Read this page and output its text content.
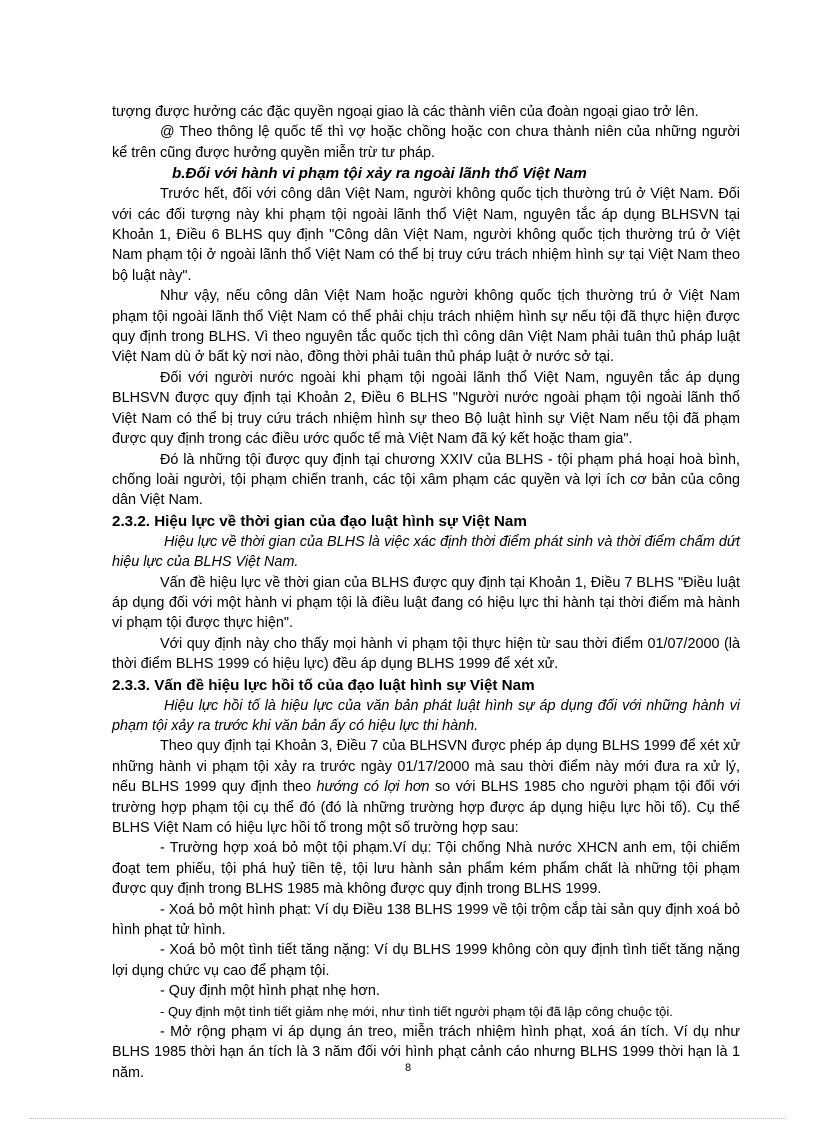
tượng được hưởng các đặc quyền ngoại giao là các thành viên của đoàn ngoại giao trở lên.

@ Theo thông lệ quốc tế thì vợ hoặc chồng hoặc con chưa thành niên của những người kể trên cũng được hưởng quyền miễn trừ tư pháp.

b.Đối với hành vi phạm tội xảy ra ngoài lãnh thổ Việt Nam

Trước hết, đối với công dân Việt Nam, người không quốc tịch thường trú ở Việt Nam. Đối với các đối tượng này khi phạm tội ngoài lãnh thổ Việt Nam, nguyên tắc áp dụng BLHSVN tại Khoản 1, Điều 6 BLHS quy định "Công dân Việt Nam, người không quốc tịch thường trú ở Việt Nam phạm tội ở ngoài lãnh thổ Việt Nam có thể bị truy cứu trách nhiệm hình sự tại Việt Nam theo bộ luật này".

Như vậy, nếu công dân Việt Nam hoặc người không quốc tịch thường trú ở Việt Nam phạm tội ngoài lãnh thổ Việt Nam có thể phải chịu trách nhiệm hình sự nếu tội đã thực hiện được quy định trong BLHS. Vì theo nguyên tắc quốc tịch thì công dân Việt Nam phải tuân thủ pháp luật Việt Nam dù ở bất kỳ nơi nào, đồng thời phải tuân thủ pháp luật ở nước sở tại.

Đối với người nước ngoài khi phạm tội ngoài lãnh thổ Việt Nam, nguyên tắc áp dụng BLHSVN được quy định tại Khoản 2, Điều 6 BLHS "Người nước ngoài phạm tội ngoài lãnh thổ Việt Nam có thể bị truy cứu trách nhiệm hình sự theo Bộ luật hình sự Việt Nam nếu tội đã phạm được quy định trong các điều ước quốc tế mà Việt Nam đã ký kết hoặc tham gia".

Đó là những tội được quy định tại chương XXIV của BLHS - tội phạm phá hoại hoà bình, chống loài người, tội phạm chiến tranh, các tội xâm phạm các quyền và lợi ích cơ bản của công dân Việt Nam.

2.3.2. Hiệu lực về thời gian của đạo luật hình sự Việt Nam

Hiệu lực về thời gian của BLHS là việc xác định thời điểm phát sinh và thời điểm chấm dứt hiệu lực của BLHS Việt Nam.

Vấn đề hiệu lực về thời gian của BLHS được quy định tại Khoản 1, Điều 7 BLHS "Điều luật áp dụng đối với một hành vi phạm tội là điều luật đang có hiệu lực thi hành tại thời điểm mà hành vi phạm tội được thực hiện".

Với quy định này cho thấy mọi hành vi phạm tội thực hiện từ sau thời điểm 01/07/2000 (là thời điểm BLHS 1999 có hiệu lực) đều áp dụng BLHS 1999 để xét xử.

2.3.3. Vấn đề hiệu lực hồi tố của đạo luật hình sự Việt Nam

Hiệu lực hồi tố là hiệu lực của văn bản phát luật hình sự áp dụng đối với những hành vi phạm tội xảy ra trước khi văn bản ấy có hiệu lực thi hành.

Theo quy định tại Khoản 3, Điều 7 của BLHSVN được phép áp dụng BLHS 1999 để xét xử những hành vi phạm tội xảy ra trước ngày 01/17/2000 mà sau thời điểm này mới đưa ra xử lý, nếu BLHS 1999 quy định theo hướng có lợi hơn so với BLHS 1985 cho người phạm tội đối với trường hợp phạm tội cụ thể đó (đó là những trường hợp được áp dụng hiệu lực hồi tố). Cụ thể BLHS Việt Nam có hiệu lực hồi tố trong một số trường hợp sau:

- Trường hợp xoá bỏ một tội phạm.Ví dụ: Tội chống Nhà nước XHCN anh em, tội chiếm đoạt tem phiếu, tội phá huỷ tiền tệ, tội lưu hành sản phẩm kém phẩm chất là những tội phạm được quy định trong BLHS 1985 mà không được quy định trong BLHS 1999.

- Xoá bỏ một hình phạt: Ví dụ Điều 138 BLHS 1999 về tội trộm cắp tài sản quy định xoá bỏ hình phạt tử hình.

- Xoá bỏ một tình tiết tăng nặng: Ví dụ BLHS 1999 không còn quy định tình tiết tăng nặng lợi dụng chức vụ cao để phạm tội.

- Quy định một hình phạt nhẹ hơn.

- Quy định một tình tiết giảm nhẹ mới, như tình tiết người phạm tội đã lập công chuộc tội.

- Mở rộng phạm vi áp dụng án treo, miễn trách nhiệm hình phạt, xoá án tích. Ví dụ như BLHS 1985 thời hạn án tích là 3 năm đối với hình phạt cảnh cáo nhưng BLHS 1999 thời hạn là 1 năm.	8
